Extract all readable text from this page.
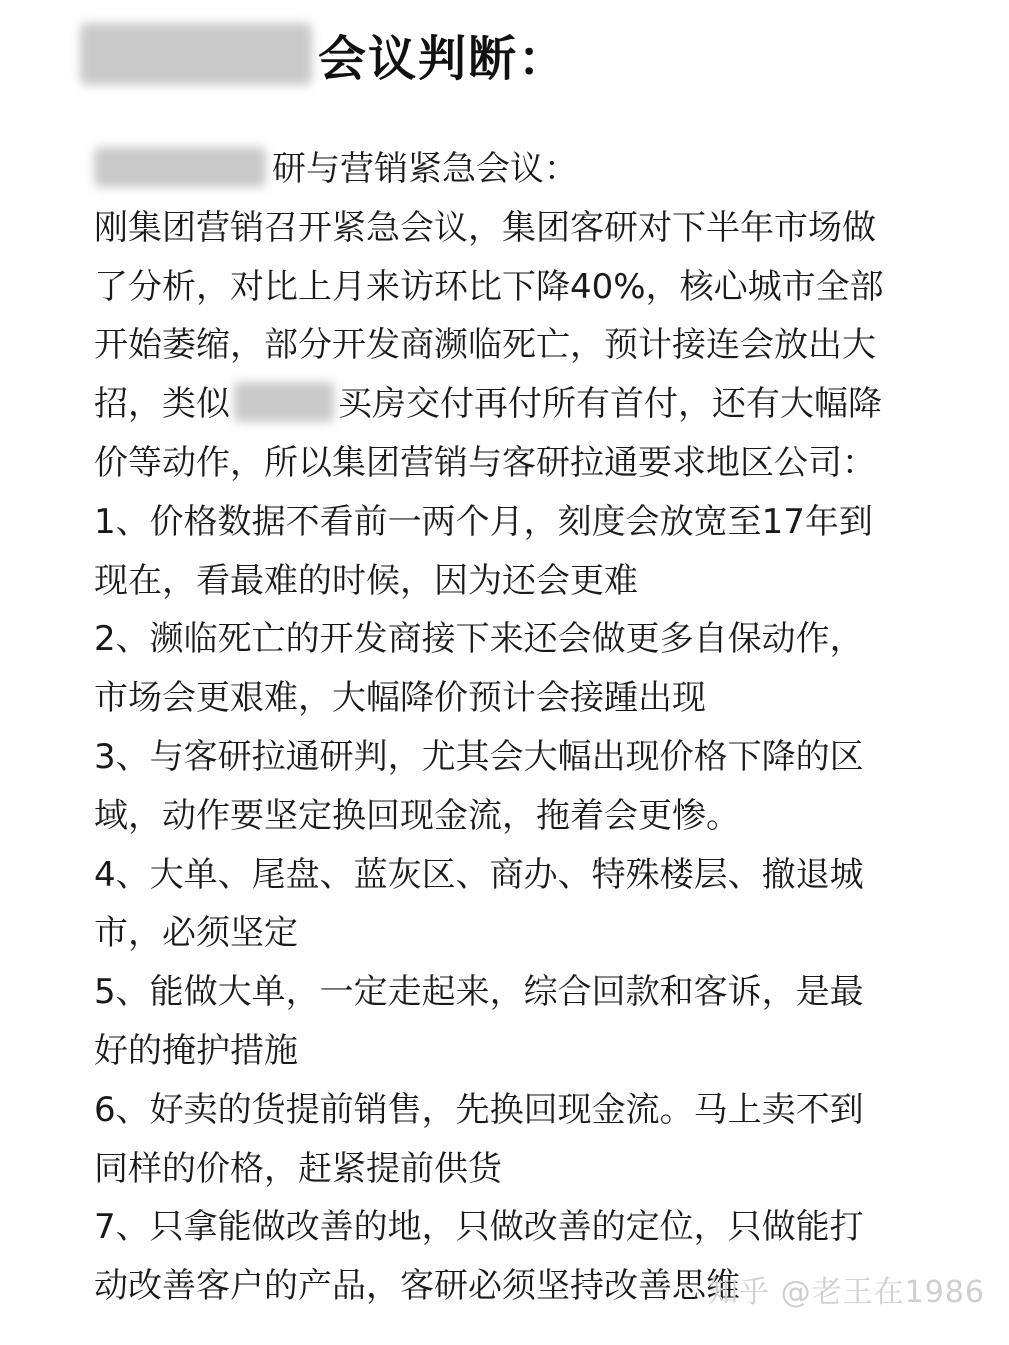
会议判断：
研与营销紧急会议：
刚集团营销召开紧急会议，集团客研对下半年市场做
了分析，对比上月来访环比下降40%，核心城市全部
开始萎缩，部分开发商濒临死亡，预计接连会放出大
招，类似	买房交付再付所有首付，还有大幅降
价等动作，所以集团营销与客研拉通要求地区公司：
1、价格数据不看前一两个月，刻度会放宽至17年到
现在，看最难的时候，因为还会更难
2、濒临死亡的开发商接下来还会做更多自保动作，
市场会更艰难，大幅降价预计会接踵出现
3、与客研拉通研判，尤其会大幅出现价格下降的区
域，动作要坚定换回现金流，拖着会更惨。
4、大单、尾盘、蓝灰区、商办、特殊楼层、撤退城
市，必须坚定
5、能做大单，一定走起来，综合回款和客诉，是最
好的掩护措施
6、好卖的货提前销售，先换回现金流。马上卖不到
同样的价格，赶紧提前供货
7、只拿能做改善的地，只做改善的定位，只做能打
动改善客户的产品，客研必须坚持改善思维
知乎 @老王在1986
